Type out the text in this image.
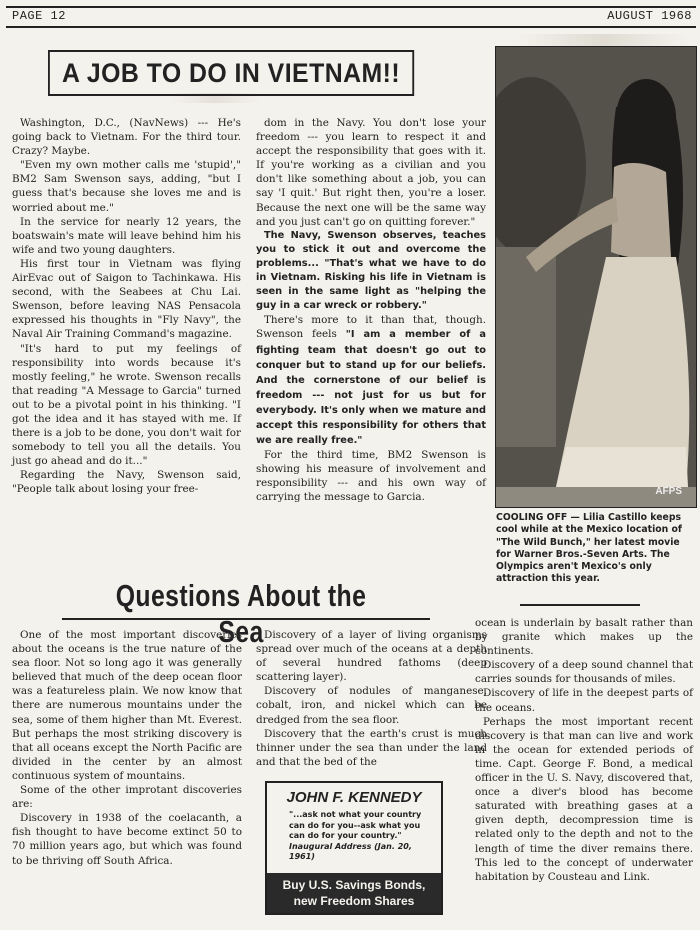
PAGE 12	AUGUST 1968
A JOB TO DO IN VIETNAM!!

Washington, D.C., (NavNews) --- He's going back to Vietnam. For the third tour. Crazy? Maybe.

"Even my own mother calls me 'stupid'," BM2 Sam Swenson says, adding, "but I guess that's because she loves me and is worried about me."

In the service for nearly 12 years, the boatswain's mate will leave behind him his wife and two young daughters.

His first tour in Vietnam was flying AirEvac out of Saigon to Tachinkawa. His second, with the Seabees at Chu Lai. Swenson, before leaving NAS Pensacola expressed his thoughts in "Fly Navy", the Naval Air Training Command's magazine.

"It's hard to put my feelings of responsibility into words because it's mostly feeling," he wrote. Swenson recalls that reading "A Message to Garcia" turned out to be a pivotal point in his thinking. "I got the idea and it has stayed with me. If there is a job to be done, you don't wait for somebody to tell you all the details. You just go ahead and do it..."

Regarding the Navy, Swenson said, "People talk about losing your free-

dom in the Navy. You don't lose your freedom --- you learn to respect it and accept the responsibility that goes with it. If you're working as a civilian and you don't like something about a job, you can say 'I quit.' But right then, you're a loser. Because the next one will be the same way and you just can't go on quitting forever."

The Navy, Swenson observes, teaches you to stick it out and overcome the problems... "That's what we have to do in Vietnam. Risking his life in Vietnam is seen in the same light as "helping the guy in a car wreck or robbery."

There's more to it than that, though. Swenson feels "I am a member of a fighting team that doesn't go out to conquer but to stand up for our beliefs. And the cornerstone of our belief is freedom --- not just for us but for everybody. It's only when we mature and accept this responsibility for others that we are really free."

For the third time, BM2 Swenson is showing his measure of involvement and responsibility --- and his own way of carrying the message to Garcia.	AFPS
COOLING OFF — Lilia Castillo keeps cool while at the Mexico location of "The Wild Bunch," her latest movie for Warner Bros.-Seven Arts. The Olympics aren't Mexico's only attraction this year.
Questions About the Sea

One of the most important discoveries about the oceans is the true nature of the sea floor. Not so long ago it was generally believed that much of the deep ocean floor was a featureless plain. We now know that there are numerous mountains under the sea, some of them higher than Mt. Everest. But perhaps the most striking discovery is that all oceans except the North Pacific are divided in the center by an almost continuous system of mountains.

Some of the other improtant discoveries are:

Discovery in 1938 of the coelacanth, a fish thought to have become extinct 50 to 70 million years ago, but which was found to be thriving off South Africa.

Discovery of a layer of living organisms spread over much of the oceans at a depth of several hundred fathoms (deep scattering layer).

Discovery of nodules of manganese, cobalt, iron, and nickel which can be dredged from the sea floor.

Discovery that the earth's crust is much thinner under the sea than under the land and that the bed of the

ocean is underlain by basalt rather than by granite which makes up the continents.

Discovery of a deep sound channel that carries sounds for thousands of miles.

Discovery of life in the deepest parts of the oceans.

Perhaps the most important recent discovery is that man can live and work in the ocean for extended periods of time. Capt. George F. Bond, a medical officer in the U. S. Navy, discovered that, once a diver's blood has become saturated with breathing gases at a given depth, decompression time is related only to the depth and not to the length of time the diver remains there. This led to the concept of underwater habitation by Cousteau and Link.

JOHN F. KENNEDY
"...ask not what your country can do for you--ask what you can do for your country." Inaugural Address (Jan. 20, 1961)
Buy U.S. Savings Bonds,
new Freedom Shares
